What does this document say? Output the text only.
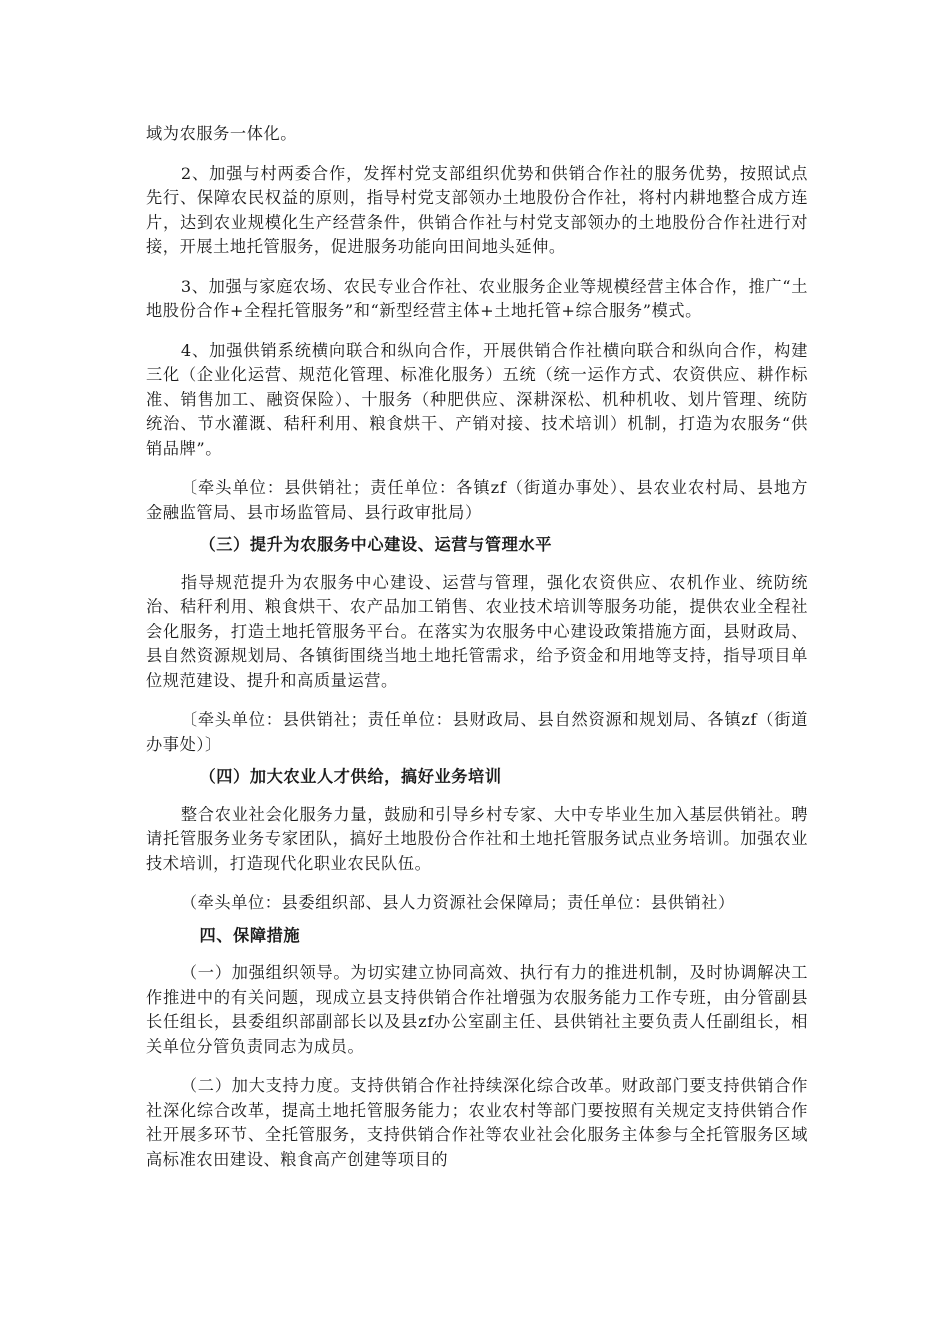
域为农服务一体化。

2、加强与村两委合作，发挥村党支部组织优势和供销合作社的服务优势，按照试点先行、保障农民权益的原则，指导村党支部领办土地股份合作社，将村内耕地整合成方连片，达到农业规模化生产经营条件，供销合作社与村党支部领办的土地股份合作社进行对接，开展土地托管服务，促进服务功能向田间地头延伸。

3、加强与家庭农场、农民专业合作社、农业服务企业等规模经营主体合作，推广“土地股份合作+全程托管服务”和“新型经营主体+土地托管+综合服务”模式。

4、加强供销系统横向联合和纵向合作，开展供销合作社横向联合和纵向合作，构建三化（企业化运营、规范化管理、标准化服务）五统（统一运作方式、农资供应、耕作标准、销售加工、融资保险）、十服务（种肥供应、深耕深松、机种机收、划片管理、统防统治、节水灌溉、秸秆利用、粮食烘干、产销对接、技术培训）机制，打造为农服务“供销品牌”。

〔牵头单位：县供销社；责任单位：各镇zf（街道办事处）、县农业农村局、县地方金融监管局、县市场监管局、县行政审批局）

（三）提升为农服务中心建设、运营与管理水平

指导规范提升为农服务中心建设、运营与管理，强化农资供应、农机作业、统防统治、秸秆利用、粮食烘干、农产品加工销售、农业技术培训等服务功能，提供农业全程社会化服务，打造土地托管服务平台。在落实为农服务中心建设政策措施方面，县财政局、县自然资源规划局、各镇街围绕当地土地托管需求，给予资金和用地等支持，指导项目单位规范建设、提升和高质量运营。

〔牵头单位：县供销社；责任单位：县财政局、县自然资源和规划局、各镇zf（街道办事处）〕

（四）加大农业人才供给，搞好业务培训

整合农业社会化服务力量，鼓励和引导乡村专家、大中专毕业生加入基层供销社。聘请托管服务业务专家团队，搞好土地股份合作社和土地托管服务试点业务培训。加强农业技术培训，打造现代化职业农民队伍。

（牵头单位：县委组织部、县人力资源社会保障局；责任单位：县供销社）

四、保障措施

（一）加强组织领导。为切实建立协同高效、执行有力的推进机制，及时协调解决工作推进中的有关问题，现成立县支持供销合作社增强为农服务能力工作专班，由分管副县长任组长，县委组织部副部长以及县zf办公室副主任、县供销社主要负责人任副组长，相关单位分管负责同志为成员。

（二）加大支持力度。支持供销合作社持续深化综合改革。财政部门要支持供销合作社深化综合改革，提高土地托管服务能力；农业农村等部门要按照有关规定支持供销合作社开展多环节、全托管服务，支持供销合作社等农业社会化服务主体参与全托管服务区域高标准农田建设、粮食高产创建等项目的
